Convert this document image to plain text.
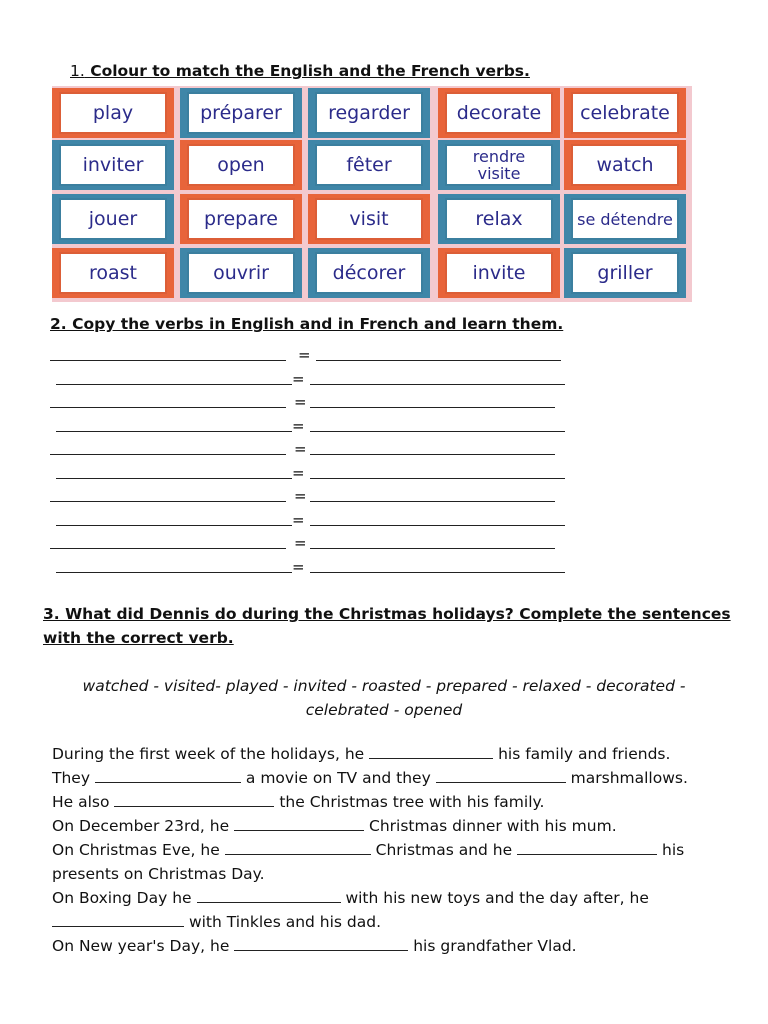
1. Colour to match the English and the French verbs.
play	préparer	regarder	decorate	celebrate
inviter	open	fêter	rendre visite	watch
jouer	prepare	visit	relax	se détendre
roast	ouvrir	décorer	invite	griller
2. Copy the verbs in English and in French and learn them.
=
=
=
=
=
=
=
=
=
=
3. What did Dennis do during the Christmas holidays? Complete the sentences with the correct verb.
watched - visited- played - invited - roasted - prepared - relaxed - decorated - celebrated - opened
During the first week of the holidays, he	his family and friends.
They	a movie on TV and they	marshmallows.
He also	the Christmas tree with his family.
On December 23rd, he	Christmas dinner with his mum.
On Christmas Eve, he	Christmas and he	his
presents on Christmas Day.
On Boxing Day he	with his new toys and the day after, he
with Tinkles and his dad.
On New year's Day, he	his grandfather Vlad.
